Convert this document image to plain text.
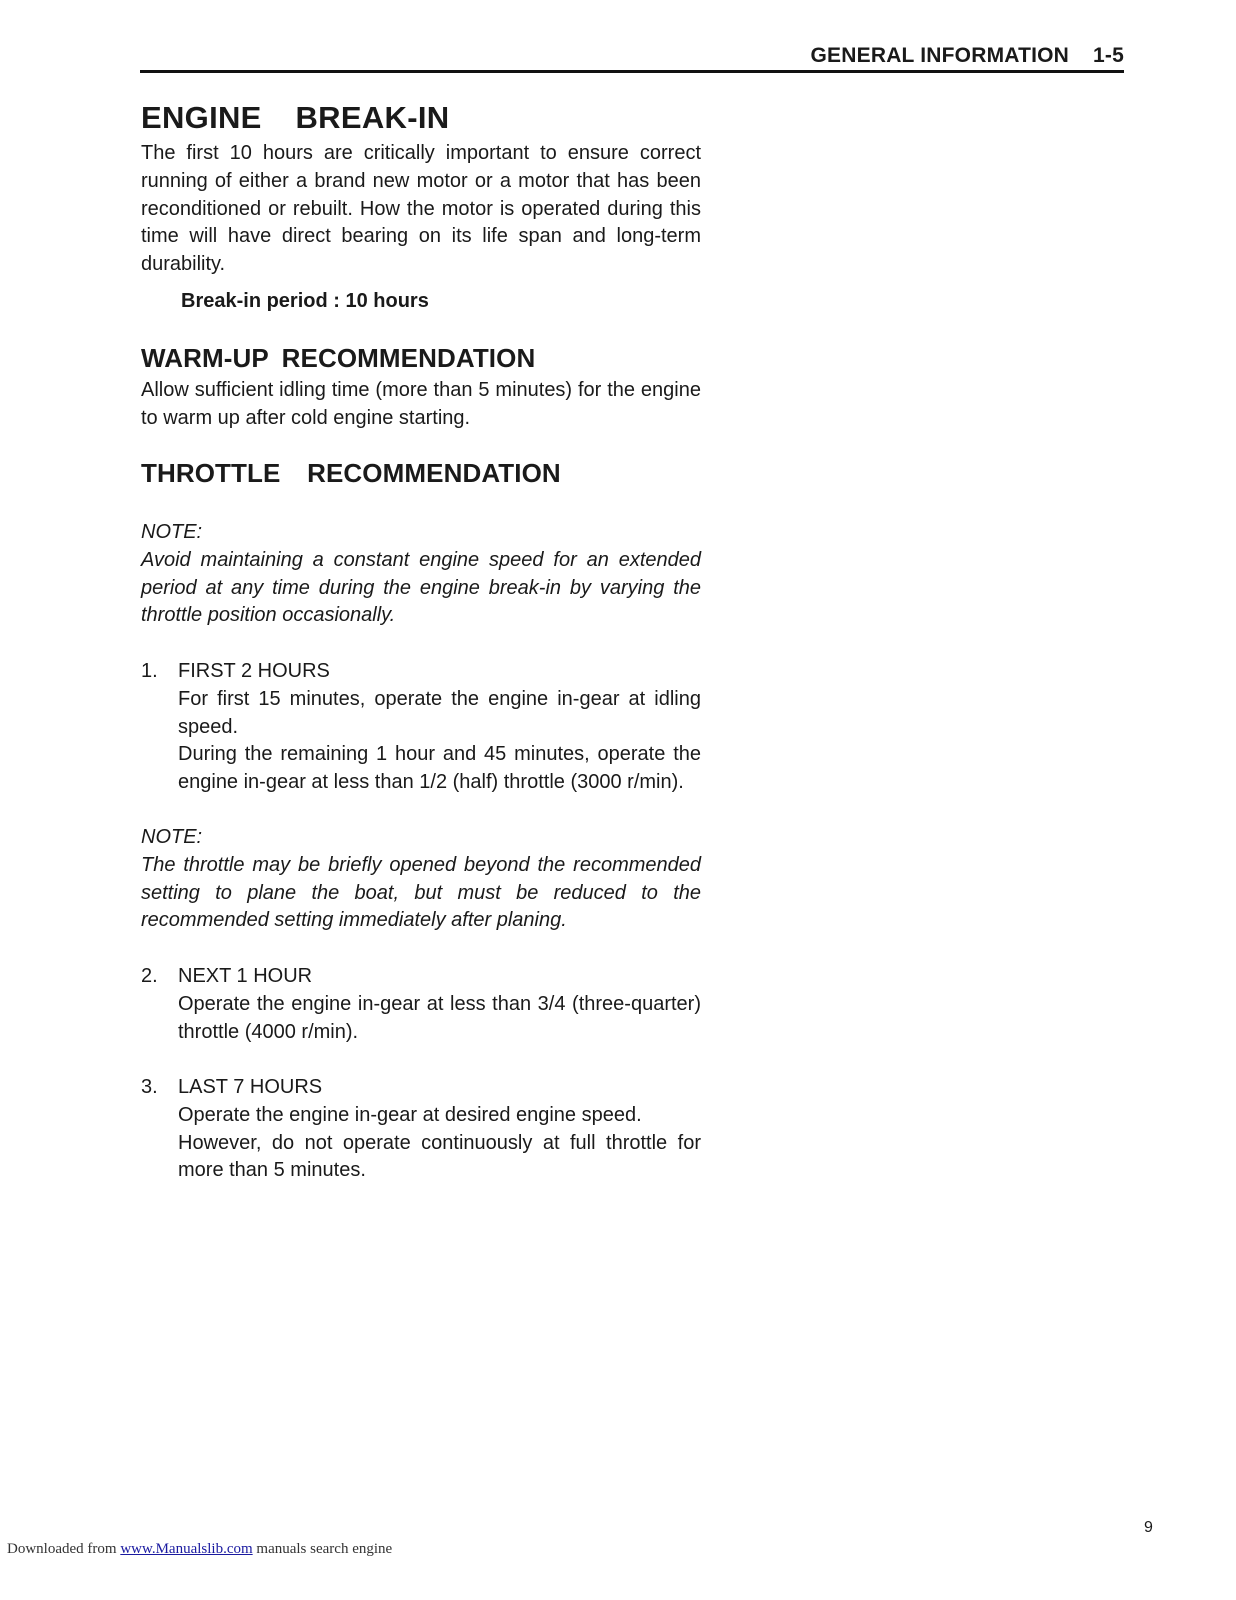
GENERAL INFORMATION 1-5
ENGINE  BREAK-IN

The first 10 hours are critically important to ensure correct running of either a brand new motor or a motor that has been reconditioned or rebuilt. How the motor is operated during this time will have direct bearing on its life span and long-term durability.

Break-in period : 10 hours

WARM-UP RECOMMENDATION

Allow sufficient idling time (more than 5 minutes) for the engine to warm up after cold engine starting.

THROTTLE  RECOMMENDATION

NOTE:

Avoid maintaining a constant engine speed for an extended period at any time during the engine break-in by varying the throttle position occasionally.

1. FIRST 2 HOURS

For first 15 minutes, operate the engine in-gear at idling speed.

During the remaining 1 hour and 45 minutes, operate the engine in-gear at less than 1/2 (half) throttle (3000 r/min).

NOTE:

The throttle may be briefly opened beyond the recommended setting to plane the boat, but must be reduced to the recommended setting immediately after planing.

2. NEXT 1 HOUR

Operate the engine in-gear at less than 3/4 (three-quarter) throttle (4000 r/min).

3. LAST 7 HOURS

Operate the engine in-gear at desired engine speed.

However, do not operate continuously at full throttle for more than 5 minutes.

9
Downloaded from www.Manualslib.com manuals search engine
